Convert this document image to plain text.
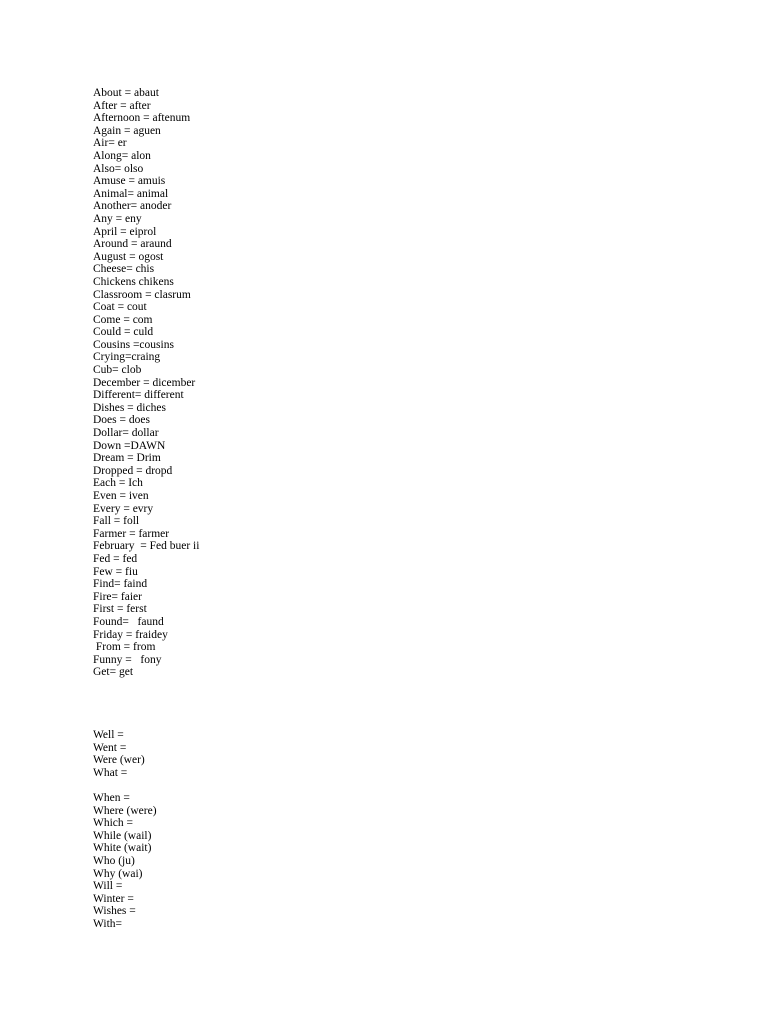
About = abaut
After = after
Afternoon = aftenum
Again = aguen
Air= er
Along= alon
Also= olso
Amuse = amuis
Animal= animal
Another= anoder
Any = eny
April = eiprol
Around = araund
August = ogost
Cheese= chis
Chickens chikens
Classroom = clasrum
Coat = cout
Come = com
Could = culd
Cousins =cousins
Crying=craing
Cub= clob
December = dicember
Different= different
Dishes = diches
Does = does
Dollar= dollar
Down =DAWN
Dream = Drim
Dropped = dropd
Each = Ich
Even = iven
Every = evry
Fall = foll
Farmer = farmer
February  = Fed buer ii
Fed = fed
Few = fiu
Find= faind
Fire= faier
First = ferst
Found=   faund
Friday = fraidey
From = from
Funny =   fony
Get= get
Well =
Went =
Were (wer)
What =
When =
Where (were)
Which =
While (wail)
White (wait)
Who (ju)
Why (wai)
Will =
Winter =
Wishes =
With=
